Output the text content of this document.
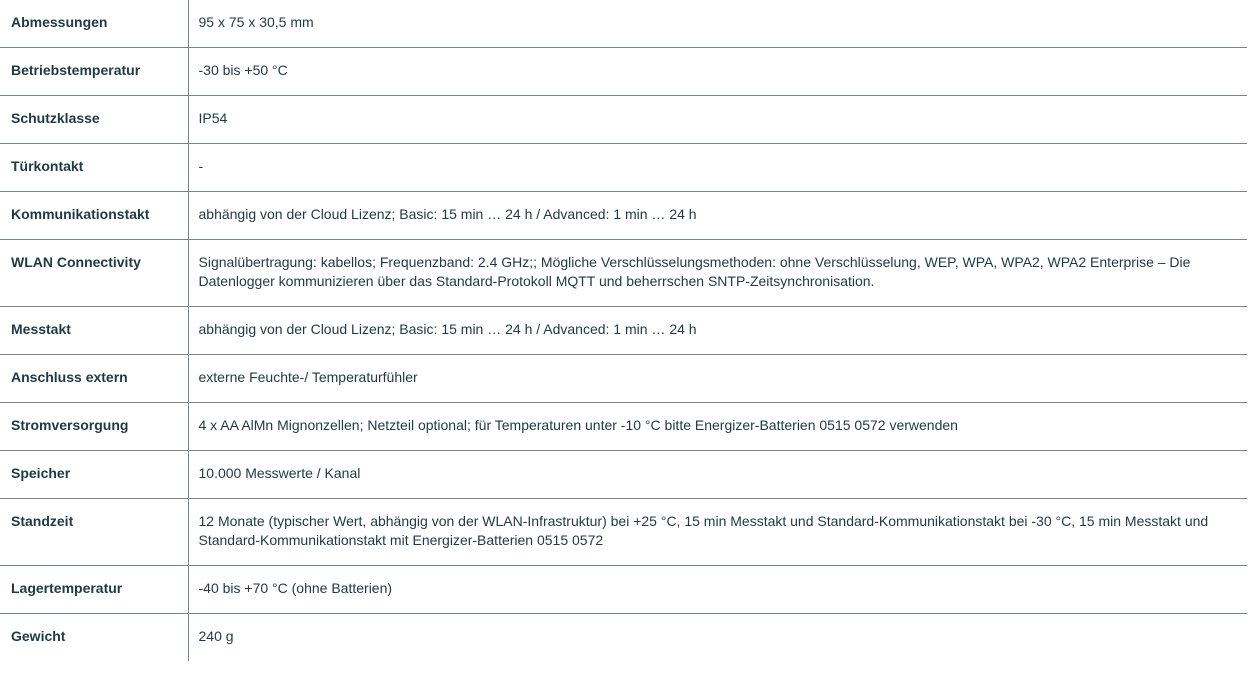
Abmessungen	95 x 75 x 30,5 mm
Betriebstemperatur	-30 bis +50 °C
Schutzklasse	IP54
Türkontakt	-
Kommunikationstakt	abhängig von der Cloud Lizenz; Basic: 15 min … 24 h / Advanced: 1 min … 24 h
WLAN Connectivity	Signalübertragung: kabellos; Frequenzband: 2.4 GHz;; Mögliche Verschlüsselungsmethoden: ohne Verschlüsselung, WEP, WPA, WPA2, WPA2 Enterprise – Die Datenlogger kommunizieren über das Standard-Protokoll MQTT und beherrschen SNTP-Zeitsynchronisation.
Messtakt	abhängig von der Cloud Lizenz; Basic: 15 min … 24 h / Advanced: 1 min … 24 h
Anschluss extern	externe Feuchte-/ Temperaturfühler
Stromversorgung	4 x AA AlMn Mignonzellen; Netzteil optional; für Temperaturen unter -10 °C bitte Energizer-Batterien 0515 0572 verwenden
Speicher	10.000 Messwerte / Kanal
Standzeit	12 Monate (typischer Wert, abhängig von der WLAN-Infrastruktur) bei +25 °C, 15 min Messtakt und Standard-Kommunikationstakt bei -30 °C, 15 min Messtakt und Standard-Kommunikationstakt mit Energizer-Batterien 0515 0572
Lagertemperatur	-40 bis +70 °C (ohne Batterien)
Gewicht	240 g
